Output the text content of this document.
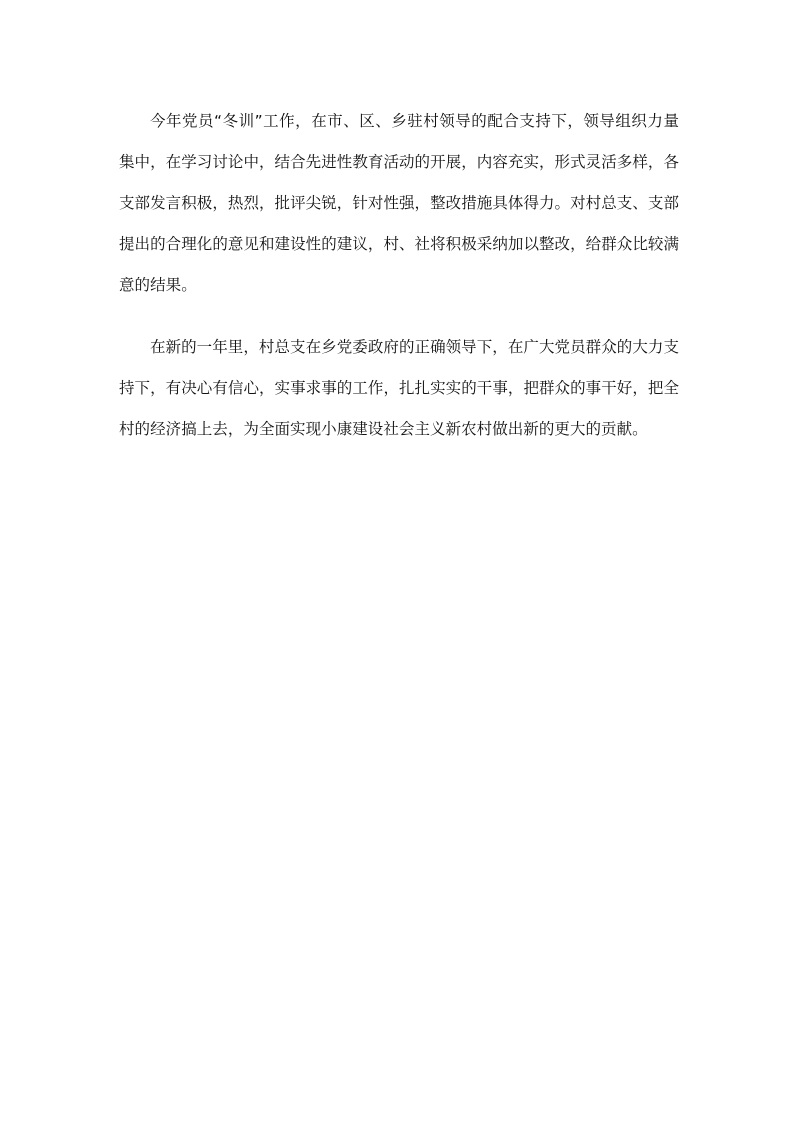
今年党员“冬训”工作，在市、区、乡驻村领导的配合支持下，领导组织力量集中，在学习讨论中，结合先进性教育活动的开展，内容充实，形式灵活多样，各支部发言积极，热烈，批评尖锐，针对性强，整改措施具体得力。对村总支、支部提出的合理化的意见和建设性的建议，村、社将积极采纳加以整改，给群众比较满意的结果。

在新的一年里，村总支在乡党委政府的正确领导下，在广大党员群众的大力支持下，有决心有信心，实事求事的工作，扎扎实实的干事，把群众的事干好，把全村的经济搞上去，为全面实现小康建设社会主义新农村做出新的更大的贡献。
